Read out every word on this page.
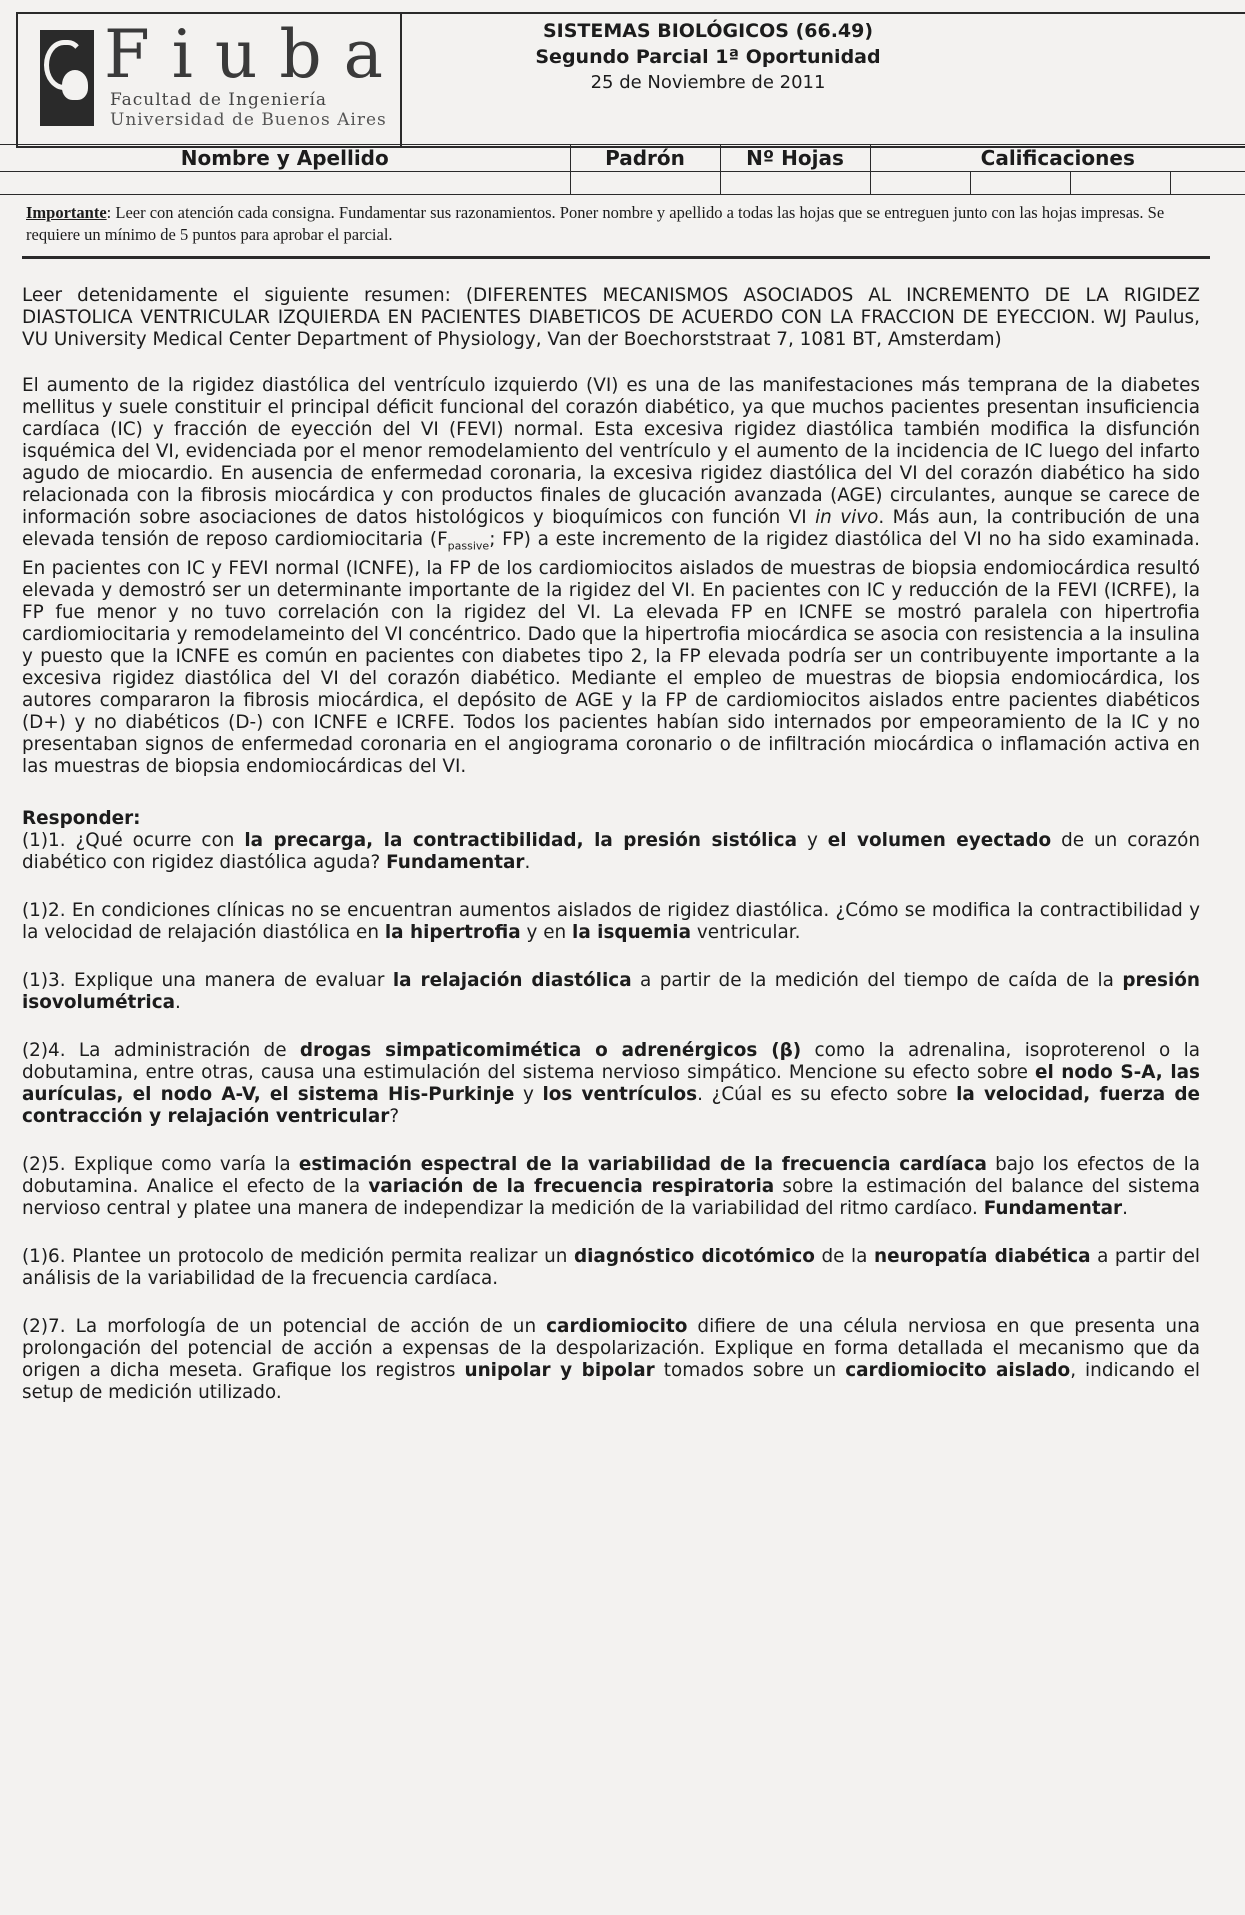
Fiuba
Facultad de Ingeniería
Universidad de Buenos Aires
SISTEMAS BIOLÓGICOS (66.49)
Segundo Parcial 1ª Oportunidad
25 de Noviembre de 2011
Nombre y Apellido	Padrón	Nº Hojas	Calificaciones			

Importante: Leer con atención cada consigna. Fundamentar sus razonamientos. Poner nombre y apellido a todas las hojas que se entreguen junto con las hojas impresas. Se requiere un mínimo de 5 puntos para aprobar el parcial.

Leer detenidamente el siguiente resumen: (DIFERENTES MECANISMOS ASOCIADOS AL INCREMENTO DE LA RIGIDEZ DIASTOLICA VENTRICULAR IZQUIERDA EN PACIENTES DIABETICOS DE ACUERDO CON LA FRACCION DE EYECCION. WJ Paulus, VU University Medical Center Department of Physiology, Van der Boechorststraat 7, 1081 BT, Amsterdam)

El aumento de la rigidez diastólica del ventrículo izquierdo (VI) es una de las manifestaciones más temprana de la diabetes mellitus y suele constituir el principal déficit funcional del corazón diabético, ya que muchos pacientes presentan insuficiencia cardíaca (IC) y fracción de eyección del VI (FEVI) normal. Esta excesiva rigidez diastólica también modifica la disfunción isquémica del VI, evidenciada por el menor remodelamiento del ventrículo y el aumento de la incidencia de IC luego del infarto agudo de miocardio. En ausencia de enfermedad coronaria, la excesiva rigidez diastólica del VI del corazón diabético ha sido relacionada con la fibrosis miocárdica y con productos finales de glucación avanzada (AGE) circulantes, aunque se carece de información sobre asociaciones de datos histológicos y bioquímicos con función VI in vivo. Más aun, la contribución de una elevada tensión de reposo cardiomiocitaria ($F_{passive}$; FP) a este incremento de la rigidez diastólica del VI no ha sido examinada. En pacientes con IC y FEVI normal (ICNFE), la FP de los cardiomiocitos aislados de muestras de biopsia endomiocárdica resultó elevada y demostró ser un determinante importante de la rigidez del VI. En pacientes con IC y reducción de la FEVI (ICRFE), la FP fue menor y no tuvo correlación con la rigidez del VI. La elevada FP en ICNFE se mostró paralela con hipertrofia cardiomiocitaria y remodelameinto del VI concéntrico. Dado que la hipertrofia miocárdica se asocia con resistencia a la insulina y puesto que la ICNFE es común en pacientes con diabetes tipo 2, la FP elevada podría ser un contribuyente importante a la excesiva rigidez diastólica del VI del corazón diabético. Mediante el empleo de muestras de biopsia endomiocárdica, los autores compararon la fibrosis miocárdica, el depósito de AGE y la FP de cardiomiocitos aislados entre pacientes diabéticos (D+) y no diabéticos (D-) con ICNFE e ICRFE. Todos los pacientes habían sido internados por empeoramiento de la IC y no presentaban signos de enfermedad coronaria en el angiograma coronario o de infiltración miocárdica o inflamación activa en las muestras de biopsia endomiocárdicas del VI.

Responder:

(1)1. ¿Qué ocurre con la precarga, la contractibilidad, la presión sistólica y el volumen eyectado de un corazón diabético con rigidez diastólica aguda? Fundamentar.

(1)2. En condiciones clínicas no se encuentran aumentos aislados de rigidez diastólica. ¿Cómo se modifica la contractibilidad y la velocidad de relajación diastólica en la hipertrofia y en la isquemia ventricular.

(1)3. Explique una manera de evaluar la relajación diastólica a partir de la medición del tiempo de caída de la presión isovolumétrica.

(2)4. La administración de drogas simpaticomimética o adrenérgicos (β) como la adrenalina, isoproterenol o la dobutamina, entre otras, causa una estimulación del sistema nervioso simpático. Mencione su efecto sobre el nodo S-A, las aurículas, el nodo A-V, el sistema His-Purkinje y los ventrículos. ¿Cúal es su efecto sobre la velocidad, fuerza de contracción y relajación ventricular?

(2)5. Explique como varía la estimación espectral de la variabilidad de la frecuencia cardíaca bajo los efectos de la dobutamina. Analice el efecto de la variación de la frecuencia respiratoria sobre la estimación del balance del sistema nervioso central y platee una manera de independizar la medición de la variabilidad del ritmo cardíaco. Fundamentar.

(1)6. Plantee un protocolo de medición permita realizar un diagnóstico dicotómico de la neuropatía diabética a partir del análisis de la variabilidad de la frecuencia cardíaca.

(2)7. La morfología de un potencial de acción de un cardiomiocito difiere de una célula nerviosa en que presenta una prolongación del potencial de acción a expensas de la despolarización. Explique en forma detallada el mecanismo que da origen a dicha meseta. Grafique los registros unipolar y bipolar tomados sobre un cardiomiocito aislado, indicando el setup de medición utilizado.
